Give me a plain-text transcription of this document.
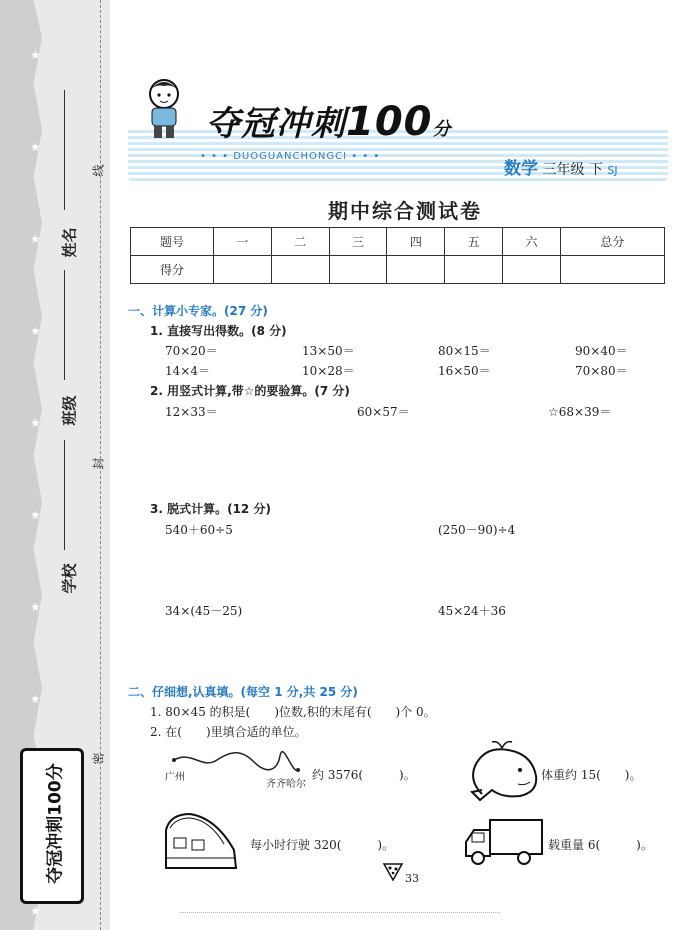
★
★
★
★
★
★
★
★
★
姓名
班级
学校
线
封
密
夺冠冲刺100分
夺冠冲刺100分
• • • DUOGUANCHONGCI • • •
数学 三年级 下 SJ
期中综合测试卷
题号	一	二	三	四	五	六	总分
得分							
一、计算小专家。(27 分)
1. 直接写出得数。(8 分)
70×20＝	13×50＝	80×15＝	90×40＝
14×4＝	10×28＝	16×50＝	70×80＝
2. 用竖式计算,带☆的要验算。(7 分)
12×33＝	60×57＝	☆68×39＝
3. 脱式计算。(12 分)
540＋60÷5	(250－90)÷4
34×(45－25)	45×24＋36
二、仔细想,认真填。(每空 1 分,共 25 分)
1. 80×45 的积是(　　)位数,积的末尾有(　　)个 0。
2. 在(　　)里填合适的单位。
广州
齐齐哈尔
约 3576(　　　)。	体重约 15(　　)。
每小时行驶 320(　　　)。	载重量 6(　　　)。
33
